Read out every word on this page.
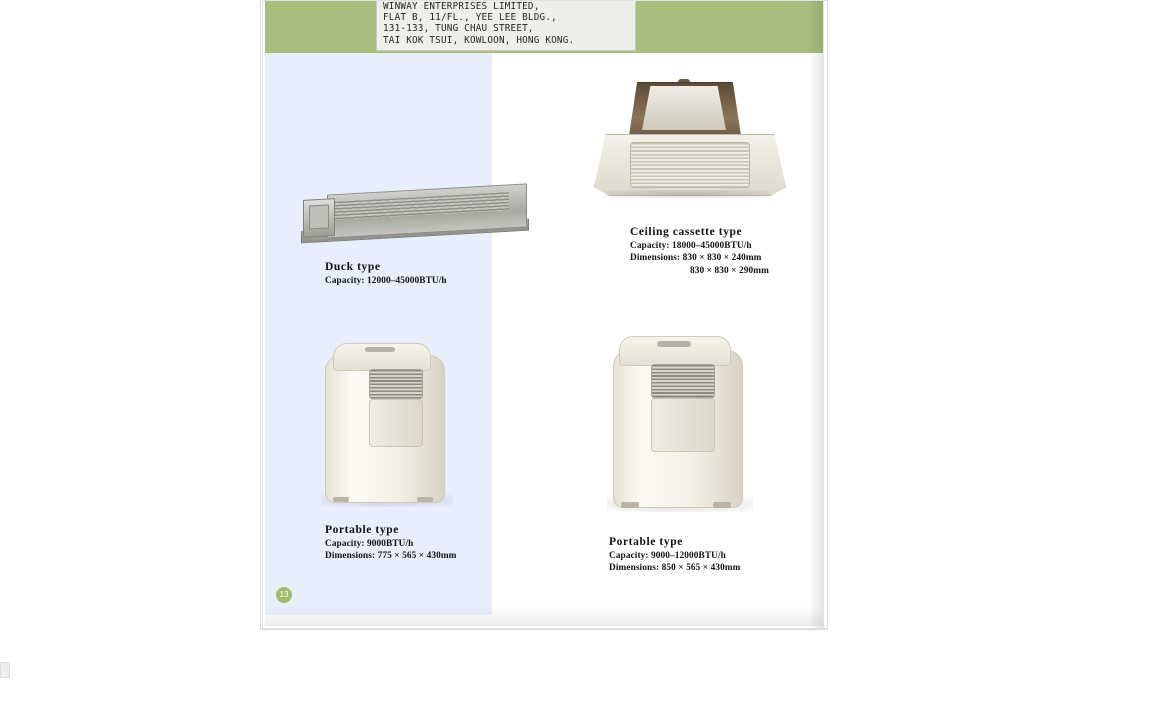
WINWAY ENTERPRISES LIMITED,
FLAT B, 11/FL., YEE LEE BLDG.,
131-133, TUNG CHAU STREET,
TAI KOK TSUI, KOWLOON, HONG KONG.
Duck type
Capacity: 12000–45000BTU/h
Ceiling cassette type
Capacity: 18000–45000BTU/h
Dimensions: 830 × 830 × 240mm
830 × 830 × 290mm
Portable type
Capacity: 9000BTU/h
Dimensions: 775 × 565 × 430mm
Portable type
Capacity: 9000–12000BTU/h
Dimensions: 850 × 565 × 430mm
13
